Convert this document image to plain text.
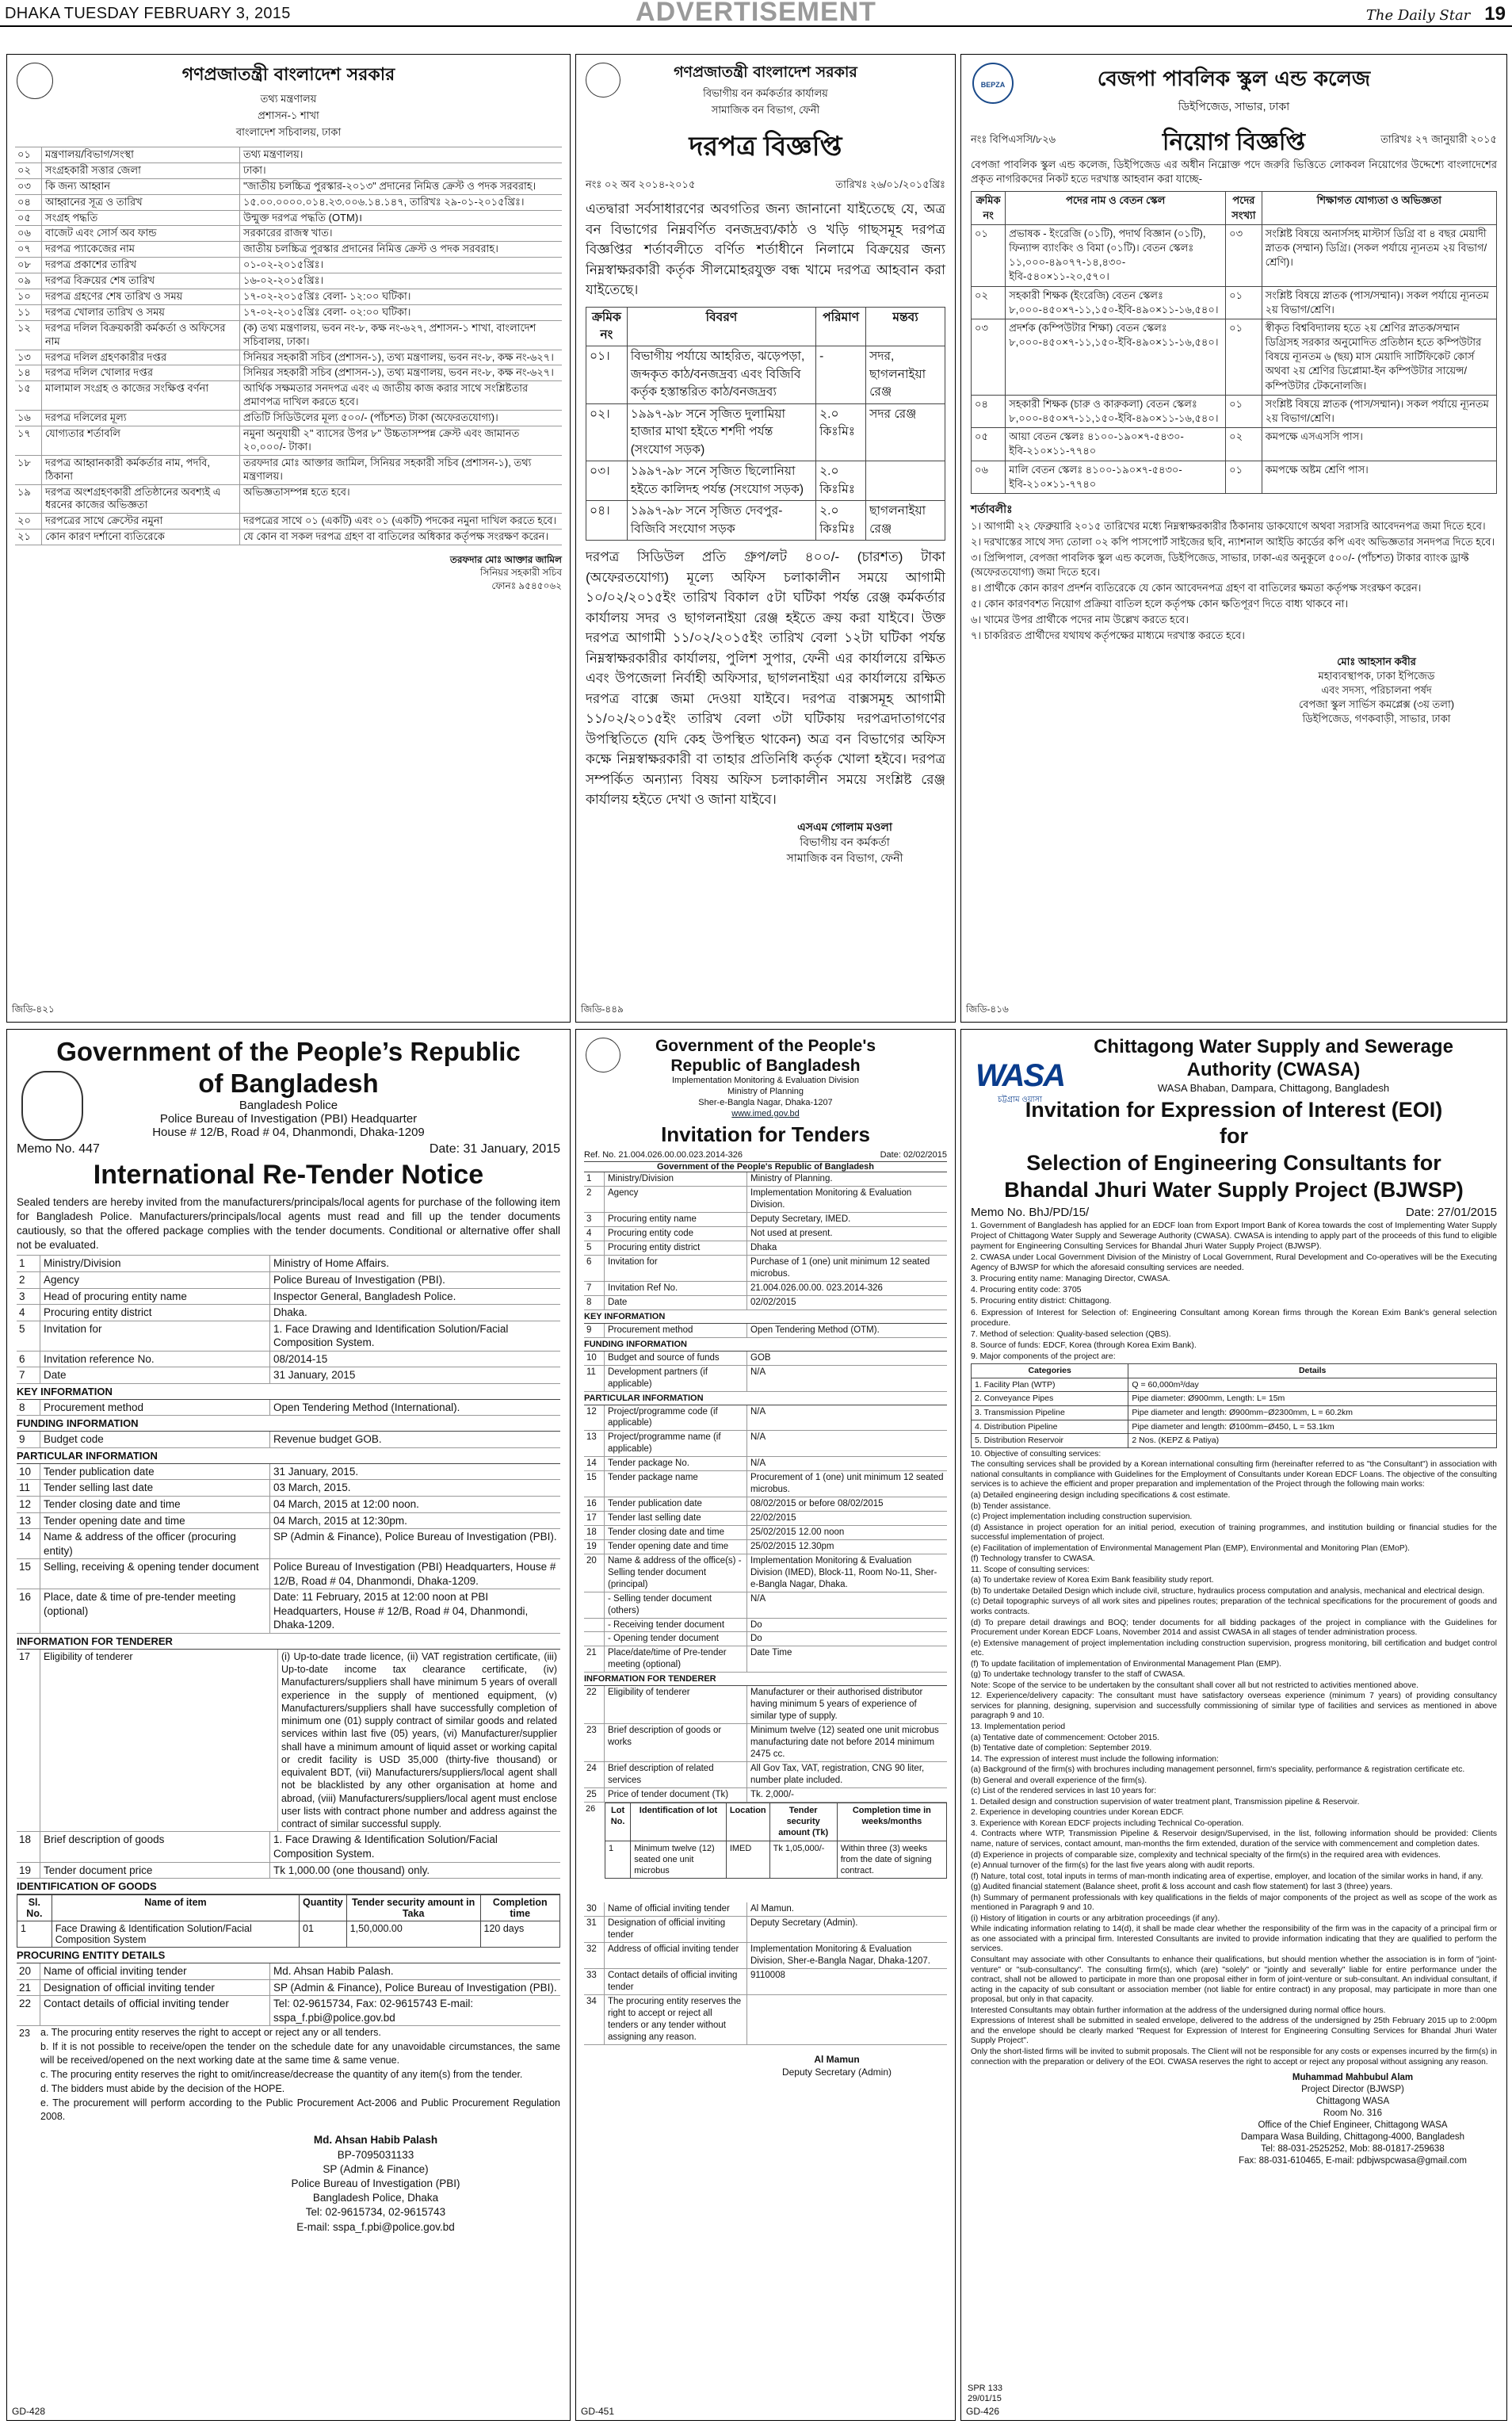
DHAKA TUESDAY FEBRUARY 3, 2015	ADVERTISEMENT	The Daily Star 19
গণপ্রজাতন্ত্রী বাংলাদেশ সরকার
তথ্য মন্ত্রণালয়
প্রশাসন-১ শাখা
বাংলাদেশ সচিবালয়, ঢাকা
০১	মন্ত্রণালয়/বিভাগ/সংস্থা	তথ্য মন্ত্রণালয়।
০২	সংগ্রহকারী সত্তার জেলা	ঢাকা।
০৩	কি জন্য আহ্বান	"জাতীয় চলচ্চিত্র পুরস্কার-২০১৩" প্রদানের নিমিত্ত ক্রেস্ট ও পদক সরবরাহ।
০৪	আহ্বানের সূত্র ও তারিখ	১৫.০০.০০০০.০১৪.২৩.০০৬.১৪.১৪৭, তারিখঃ ২৯-০১-২০১৫খ্রিঃ।
০৫	সংগ্রহ পদ্ধতি	উন্মুক্ত দরপত্র পদ্ধতি (OTM)।
০৬	বাজেট এবং সোর্স অব ফান্ড	সরকারের রাজস্ব খাত।
০৭	দরপত্র প্যাকেজের নাম	জাতীয় চলচ্চিত্র পুরস্কার প্রদানের নিমিত্ত ক্রেস্ট ও পদক সরবরাহ।
০৮	দরপত্র প্রকাশের তারিখ	০১-০২-২০১৫খ্রিঃ।
০৯	দরপত্র বিক্রয়ের শেষ তারিখ	১৬-০২-২০১৫খ্রিঃ।
১০	দরপত্র গ্রহণের শেষ তারিখ ও সময়	১৭-০২-২০১৫খ্রিঃ বেলা- ১২:০০ ঘটিকা।
১১	দরপত্র খোলার তারিখ ও সময়	১৭-০২-২০১৫খ্রিঃ বেলা- ০২:০০ ঘটিকা।
১২	দরপত্র দলিল বিক্রয়কারী কর্মকর্তা ও অফিসের নাম
(ক) তথ্য মন্ত্রণালয়, ভবন নং-৮, কক্ষ নং-৬২৭, প্রশাসন-১ শাখা, বাংলাদেশ সচিবালয়, ঢাকা।
১৩	দরপত্র দলিল গ্রহণকারীর দপ্তর	সিনিয়র সহকারী সচিব (প্রশাসন-১), তথ্য মন্ত্রণালয়, ভবন নং-৮, কক্ষ নং-৬২৭।
১৪	দরপত্র দলিল খোলার দপ্তর	সিনিয়র সহকারী সচিব (প্রশাসন-১), তথ্য মন্ত্রণালয়, ভবন নং-৮, কক্ষ নং-৬২৭।
১৫	মালামাল সংগ্রহ ও কাজের সংক্ষিপ্ত বর্ণনা	আর্থিক সক্ষমতার সনদপত্র এবং এ জাতীয় কাজ করার সাথে সংশ্লিষ্টতার প্রমাণপত্র দাখিল করতে হবে।
১৬	দরপত্র দলিলের মূল্য	প্রতিটি সিডিউলের মূল্য ৫০০/- (পাঁচশত) টাকা (অফেরতযোগ্য)।
১৭	যোগ্যতার শর্তাবলি	নমুনা অনুযায়ী ২" ব্যাসের উপর ৮" উচ্চতাসম্পন্ন ক্রেস্ট এবং জামানত ২০,০০০/- টাকা।
১৮	দরপত্র আহ্বানকারী কর্মকর্তার নাম, পদবি, ঠিকানা
তরফদার মোঃ আক্তার জামিল, সিনিয়র সহকারী সচিব (প্রশাসন-১), তথ্য মন্ত্রণালয়।
১৯	দরপত্র অংশগ্রহণকারী প্রতিষ্ঠানের অবশ্যই এ ধরনের কাজের অভিজ্ঞতা
অভিজ্ঞতাসম্পন্ন হতে হবে।
২০	দরপত্রের সাথে ক্রেস্টের নমুনা	দরপত্রের সাথে ০১ (একটি) এবং ০১ (একটি) পদকের নমুনা দাখিল করতে হবে।
২১	কোন কারণ দর্শানো ব্যতিরেকে	যে কোন বা সকল দরপত্র গ্রহণ বা বাতিলের অধিকার কর্তৃপক্ষ সংরক্ষণ করেন।
তরফদার মোঃ আক্তার জামিল
সিনিয়র সহকারী সচিব
ফোনঃ ৯৫৪৫০৬২
জিডি-৪২১
গণপ্রজাতন্ত্রী বাংলাদেশ সরকার
বিভাগীয় বন কর্মকর্তার কার্যালয়
সামাজিক বন বিভাগ, ফেনী
দরপত্র বিজ্ঞপ্তি
নংঃ ০২ অব ২০১৪-২০১৫	তারিখঃ ২৬/০১/২০১৫খ্রিঃ
এতদ্বারা সর্বসাধারণের অবগতির জন্য জানানো যাইতেছে যে, অত্র বন বিভাগের নিম্নবর্ণিত বনজদ্রব্য/কাঠ ও খড়ি গাছসমূহ দরপত্র বিজ্ঞপ্তির শর্তাবলীতে বর্ণিত শর্তাধীনে নিলামে বিক্রয়ের জন্য নিম্নস্বাক্ষরকারী কর্তৃক সীলমোহরযুক্ত বন্ধ খামে দরপত্র আহবান করা যাইতেছে।
ক্রমিক নং	বিবরণ	পরিমাণ	মন্তব্য
০১।	বিভাগীয় পর্যায়ে আহরিত, ঝড়েপড়া, জব্দকৃত কাঠ/বনজদ্রব্য এবং বিজিবি কর্তৃক হস্তান্তরিত কাঠ/বনজদ্রব্য	-	সদর, ছাগলনাইয়া রেঞ্জ
০২।	১৯৯৭-৯৮ সনে সৃজিত দুলামিয়া হাজার মাথা হইতে শর্শদী পর্যন্ত (সংযোগ সড়ক)	২.০ কিঃমিঃ	সদর রেঞ্জ
০৩।	১৯৯৭-৯৮ সনে সৃজিত ছিলোনিয়া হইতে কালিদহ পর্যন্ত (সংযোগ সড়ক)	২.০ কিঃমিঃ	
০৪।	১৯৯৭-৯৮ সনে সৃজিত দেবপুর-বিজিবি সংযোগ সড়ক	২.০ কিঃমিঃ	ছাগলনাইয়া রেঞ্জ
দরপত্র সিডিউল প্রতি গ্রুপ/লট ৪০০/- (চারশত) টাকা (অফেরতযোগ্য) মূল্যে অফিস চলাকালীন সময়ে আগামী ১০/০২/২০১৫ইং তারিখ বিকাল ৫টা ঘটিকা পর্যন্ত রেঞ্জ কর্মকর্তার কার্যালয় সদর ও ছাগলনাইয়া রেঞ্জ হইতে ক্রয় করা যাইবে। উক্ত দরপত্র আগামী ১১/০২/২০১৫ইং তারিখ বেলা ১২টা ঘটিকা পর্যন্ত নিম্নস্বাক্ষরকারীর কার্যালয়, পুলিশ সুপার, ফেনী এর কার্যালয়ে রক্ষিত এবং উপজেলা নির্বাহী অফিসার, ছাগলনাইয়া এর কার্যালয়ে রক্ষিত দরপত্র বাক্সে জমা দেওয়া যাইবে। দরপত্র বাক্সসমূহ আগামী ১১/০২/২০১৫ইং তারিখ বেলা ৩টা ঘটিকায় দরপত্রদাতাগণের উপস্থিতিতে (যদি কেহ উপস্থিত থাকেন) অত্র বন বিভাগের অফিস কক্ষে নিম্নস্বাক্ষরকারী বা তাহার প্রতিনিধি কর্তৃক খোলা হইবে। দরপত্র সম্পর্কিত অন্যান্য বিষয় অফিস চলাকালীন সময়ে সংশ্লিষ্ট রেঞ্জ কার্যালয় হইতে দেখা ও জানা যাইবে।
এসএম গোলাম মওলা
বিভাগীয় বন কর্মকর্তা
সামাজিক বন বিভাগ, ফেনী
জিডি-৪৪৯
BEPZA	বেজপা পাবলিক স্কুল এন্ড কলেজ
ডিইপিজেড, সাভার, ঢাকা
নংঃ বিপিএসসি/৮২৬	নিয়োগ বিজ্ঞপ্তি	তারিখঃ ২৭ জানুয়ারী ২০১৫
বেপজা পাবলিক স্কুল এন্ড কলেজ, ডিইপিজেড এর অধীন নিম্নোক্ত পদে জরুরি ভিত্তিতে লোকবল নিয়োগের উদ্দেশ্যে বাংলাদেশের প্রকৃত নাগরিকদের নিকট হতে দরখাস্ত আহবান করা যাচ্ছে-
ক্রমিক নং	পদের নাম ও বেতন স্কেল	পদের সংখ্যা	শিক্ষাগত যোগ্যতা ও অভিজ্ঞতা
০১	প্রভাষক - ইংরেজি (০১টি), পদার্থ বিজ্ঞান (০১টি), ফিন্যান্স ব্যাংকিং ও বিমা (০১টি)। বেতন স্কেলঃ ১১,০০০-৪৯০৭৭-১৪,৪৩০-ইবি-৫৪০×১১-২০,৫৭০।	০৩	সংশ্লিষ্ট বিষয়ে অনার্সসহ মাস্টার্স ডিগ্রি বা ৪ বছর মেয়াদী স্নাতক (সম্মান) ডিগ্রি। (সকল পর্যায়ে ন্যূনতম ২য় বিভাগ/শ্রেণি)।
০২	সহকারী শিক্ষক (ইংরেজি) বেতন স্কেলঃ ৮,০০০-৪৫০×৭-১১,১৫০-ইবি-৪৯০×১১-১৬,৫৪০।	০১	সংশ্লিষ্ট বিষয়ে স্নাতক (পাস/সম্মান)। সকল পর্যায়ে ন্যূনতম ২য় বিভাগ/শ্রেণি।
০৩	প্রদর্শক (কম্পিউটার শিক্ষা) বেতন স্কেলঃ ৮,০০০-৪৫০×৭-১১,১৫০-ইবি-৪৯০×১১-১৬,৫৪০।	০১	স্বীকৃত বিশ্ববিদ্যালয় হতে ২য় শ্রেণির স্নাতক/সম্মান ডিগ্রিসহ সরকার অনুমোদিত প্রতিষ্ঠান হতে কম্পিউটার বিষয়ে ন্যূনতম ৬ (ছয়) মাস মেয়াদি সার্টিফিকেট কোর্স অথবা ২য় শ্রেণির ডিপ্লোমা-ইন কম্পিউটার সায়েন্স/কম্পিউটার টেকনোলজি।
০৪	সহকারী শিক্ষক (চারু ও কারুকলা) বেতন স্কেলঃ ৮,০০০-৪৫০×৭-১১,১৫০-ইবি-৪৯০×১১-১৬,৫৪০।	০১	সংশ্লিষ্ট বিষয়ে স্নাতক (পাস/সম্মান)। সকল পর্যায়ে ন্যূনতম ২য় বিভাগ/শ্রেণি।
০৫	আয়া বেতন স্কেলঃ ৪১০০-১৯০×৭-৫৪৩০-ইবি-২১০×১১-৭৭৪০	০২	কমপক্ষে এসএসসি পাস।
০৬	মালি বেতন স্কেলঃ ৪১০০-১৯০×৭-৫৪৩০-ইবি-২১০×১১-৭৭৪০	০১	কমপক্ষে অষ্টম শ্রেণি পাস।
শর্তাবলীঃ
১। আগামী ২২ ফেব্রুয়ারি ২০১৫ তারিখের মধ্যে নিম্নস্বাক্ষরকারীর ঠিকানায় ডাকযোগে অথবা সরাসরি আবেদনপত্র জমা দিতে হবে।
২। দরখাস্তের সাথে সদ্য তোলা ০২ কপি পাসপোর্ট সাইজের ছবি, ন্যাশনাল আইডি কার্ডের কপি এবং অভিজ্ঞতার সনদপত্র দিতে হবে।
৩। প্রিন্সিপাল, বেপজা পাবলিক স্কুল এন্ড কলেজ, ডিইপিজেড, সাভার, ঢাকা-এর অনুকূলে ৫০০/- (পাঁচশত) টাকার ব্যাংক ড্রাফ্ট (অফেরতযোগ্য) জমা দিতে হবে।
৪। প্রার্থীকে কোন কারণ প্রদর্শন ব্যতিরেকে যে কোন আবেদনপত্র গ্রহণ বা বাতিলের ক্ষমতা কর্তৃপক্ষ সংরক্ষণ করেন।
৫। কোন কারণবশত নিয়োগ প্রক্রিয়া বাতিল হলে কর্তৃপক্ষ কোন ক্ষতিপূরণ দিতে বাধ্য থাকবে না।
৬। খামের উপর প্রার্থীকে পদের নাম উল্লেখ করতে হবে।
৭। চাকরিরত প্রার্থীদের যথাযথ কর্তৃপক্ষের মাধ্যমে দরখাস্ত করতে হবে।
মোঃ আহসান কবীর
মহাব্যবস্থাপক, ঢাকা ইপিজেড
এবং সদস্য, পরিচালনা পর্ষদ
বেপজা স্কুল সার্ভিস কমপ্লেক্স (৩য় তলা)
ডিইপিজেড, গণকবাড়ী, সাভার, ঢাকা
জিডি-৪১৬
Government of the People’s Republic
of Bangladesh
Bangladesh Police
Police Bureau of Investigation (PBI) Headquarter
House # 12/B, Road # 04, Dhanmondi, Dhaka-1209
Memo No. 447	Date: 31 January, 2015
International Re-Tender Notice
Sealed tenders are hereby invited from the manufacturers/principals/local agents for purchase of the following item for Bangladesh Police. Manufacturers/principals/local agents must read and fill up the tender documents cautiously, so that the offered package complies with the tender documents. Conditional or alternative offer shall not be evaluated.
1	Ministry/Division	Ministry of Home Affairs.
2	Agency	Police Bureau of Investigation (PBI).
3	Head of procuring entity name	Inspector General, Bangladesh Police.
4	Procuring entity district	Dhaka.
5	Invitation for	1. Face Drawing and Identification Solution/Facial Composition System.
6	Invitation reference No.	08/2014-15
7	Date	31 January, 2015
KEY INFORMATION
8	Procurement method	Open Tendering Method (International).
FUNDING INFORMATION
9	Budget code	Revenue budget GOB.
PARTICULAR INFORMATION
10	Tender publication date	31 January, 2015.
11	Tender selling last date	03 March, 2015.
12	Tender closing date and time	04 March, 2015 at 12:00 noon.
13	Tender opening date and time	04 March, 2015 at 12:30pm.
14	Name & address of the officer (procuring entity)
SP (Admin & Finance), Police Bureau of Investigation (PBI).
15	Selling, receiving & opening tender document	Police Bureau of Investigation (PBI) Headquarters, House # 12/B, Road # 04, Dhanmondi, Dhaka-1209.
16	Place, date & time of pre-tender meeting (optional)
Date: 11 February, 2015 at 12:00 noon at PBI Headquarters, House # 12/B, Road # 04, Dhanmondi, Dhaka-1209.
INFORMATION FOR TENDERER
17	Eligibility of tenderer	(i) Up-to-date trade licence, (ii) VAT registration certificate, (iii) Up-to-date income tax clearance certificate, (iv) Manufacturers/suppliers shall have minimum 5 years of overall experience in the supply of mentioned equipment, (v) Manufacturers/suppliers shall have successfully completion of minimum one (01) supply contract of similar goods and related services within last five (05) years, (vi) Manufacturer/supplier shall have a minimum amount of liquid asset or working capital or credit facility is USD 35,000 (thirty-five thousand) or equivalent BDT, (vii) Manufacturers/suppliers/local agent shall not be blacklisted by any other organisation at home and abroad, (viii) Manufacturers/suppliers/local agent must enclose user lists with contract phone number and address against the contract of similar successful supply.
18	Brief description of goods	1. Face Drawing & Identification Solution/Facial Composition System.
19	Tender document price	Tk 1,000.00 (one thousand) only.
IDENTIFICATION OF GOODS
Sl. No.	Name of item	Quantity	Tender security amount in Taka	Completion time
1	Face Drawing & Identification Solution/Facial Composition System	01	1,50,000.00	120 days
PROCURING ENTITY DETAILS
20	Name of official inviting tender	Md. Ahsan Habib Palash.
21	Designation of official inviting tender	SP (Admin & Finance), Police Bureau of Investigation (PBI).
22	Contact details of official inviting tender	Tel: 02-9615734, Fax: 02-9615743 E-mail: sspa_f.pbi@police.gov.bd
23	a. The procuring entity reserves the right to accept or reject any or all tenders.
b. If it is not possible to receive/open the tender on the schedule date for any unavoidable circumstances, the same will be received/opened on the next working date at the same time & same venue.
c. The procuring entity reserves the right to omit/increase/decrease the quantity of any item(s) from the tender.
d. The bidders must abide by the decision of the HOPE.
e. The procurement will perform according to the Public Procurement Act-2006 and Public Procurement Regulation 2008.
Md. Ahsan Habib Palash
BP-7095031133
SP (Admin & Finance)
Police Bureau of Investigation (PBI)
Bangladesh Police, Dhaka
Tel: 02-9615734, 02-9615743
E-mail: sspa_f.pbi@police.gov.bd
GD-428
Government of the People's
Republic of Bangladesh
Implementation Monitoring & Evaluation Division
Ministry of Planning
Sher-e-Bangla Nagar, Dhaka-1207
www.imed.gov.bd
Invitation for Tenders
Ref. No. 21.004.026.00.00.023.2014-326	Date: 02/02/2015
Government of the People's Republic of Bangladesh
1	Ministry/Division	Ministry of Planning.
2	Agency	Implementation Monitoring & Evaluation Division.
3	Procuring entity name	Deputy Secretary, IMED.
4	Procuring entity code	Not used at present.
5	Procuring entity district	Dhaka
6	Invitation for	Purchase of 1 (one) unit minimum 12 seated microbus.
7	Invitation Ref No.	21.004.026.00.00. 023.2014-326
8	Date	02/02/2015
KEY INFORMATION
9	Procurement method	Open Tendering Method (OTM).
FUNDING INFORMATION
10	Budget and source of funds	GOB
11	Development partners (if applicable)
N/A
PARTICULAR INFORMATION
12	Project/programme code (if applicable)
N/A
13	Project/programme name (if applicable)
N/A
14	Tender package No.	N/A
15	Tender package name	Procurement of 1 (one) unit minimum 12 seated microbus.
16	Tender publication date	08/02/2015 or before 08/02/2015
17	Tender last selling date	22/02/2015
18	Tender closing date and time	25/02/2015 12.00 noon
19	Tender opening date and time	25/02/2015 12.30pm
20	Name & address of the office(s) - Selling tender document (principal)
Implementation Monitoring & Evaluation Division (IMED), Block-11, Room No-11, Sher-e-Bangla Nagar, Dhaka.
- Selling tender document (others)
N/A
- Receiving tender document	Do
- Opening tender document	Do
21	Place/date/time of Pre-tender meeting (optional)
Date Time
INFORMATION FOR TENDERER
22	Eligibility of tenderer	Manufacturer or their authorised distributor having minimum 5 years of experience of similar type of supply.
23	Brief description of goods or works
Minimum twelve (12) seated one unit microbus manufacturing date not before 2014 minimum 2475 cc.
24	Brief description of related services
All Gov Tax, VAT, registration, CNG 90 liter, number plate included.
25	Price of tender document (Tk)	Tk. 2,000/-
26	Lot No.	Identification of lot	Location	Tender security amount (Tk)	Completion time in weeks/months
1	Minimum twelve (12) seated one unit microbus	IMED	Tk 1,05,000/-	Within three (3) weeks from the date of signing contract.
30	Name of official inviting tender	Al Mamun.
31	Designation of official inviting tender
Deputy Secretary (Admin).
32	Address of official inviting tender	Implementation Monitoring & Evaluation Division, Sher-e-Bangla Nagar, Dhaka-1207.
33	Contact details of official inviting tender
9110008
34	The procuring entity reserves the right to accept or reject all tenders or any tender without assigning any reason.
Al Mamun
Deputy Secretary (Admin)
GD-451
WASA
চট্টগ্রাম ওয়াসা
Chittagong Water Supply and Sewerage
Authority (CWASA)
WASA Bhaban, Dampara, Chittagong, Bangladesh
Invitation for Expression of Interest (EOI)
for
Selection of Engineering Consultants for
Bhandal Jhuri Water Supply Project (BJWSP)
Memo No. BhJ/PD/15/	Date: 27/01/2015
1. Government of Bangladesh has applied for an EDCF loan from Export Import Bank of Korea towards the cost of Implementing Water Supply Project of Chittagong Water Supply and Sewerage Authority (CWASA). CWASA is intending to apply part of the proceeds of this fund to eligible payment for Engineering Consulting Services for Bhandal Jhuri Water Supply Project (BJWSP).
2. CWASA under Local Government Division of the Ministry of Local Government, Rural Development and Co-operatives will be the Executing Agency of BJWSP for which the aforesaid consulting services are needed.
3. Procuring entity name: Managing Director, CWASA.
4. Procuring entity code: 3705
5. Procuring entity district: Chittagong.
6. Expression of Interest for Selection of: Engineering Consultant among Korean firms through the Korean Exim Bank's general selection procedure.
7. Method of selection: Quality-based selection (QBS).
8. Source of funds: EDCF, Korea (through Korea Exim Bank).
9. Major components of the project are:
Categories	Details
1. Facility Plan (WTP)	Q = 60,000m³/day
2. Conveyance Pipes	Pipe diameter: Ø900mm, Length: L= 15m
3. Transmission Pipeline	Pipe diameter and length: Ø900mm~Ø2300mm, L = 60.2km
4. Distribution Pipeline	Pipe diameter and length: Ø100mm~Ø450, L = 53.1km
5. Distribution Reservoir	2 Nos. (KEPZ & Patiya)
10. Objective of consulting services:
The consulting services shall be provided by a Korean international consulting firm (hereinafter referred to as "the Consultant") in association with national consultants in compliance with Guidelines for the Employment of Consultants under Korean EDCF Loans. The objective of the consulting services is to achieve the efficient and proper preparation and implementation of the Project through the following main works:
(a) Detailed engineering design including specifications & cost estimate.
(b) Tender assistance.
(c) Project implementation including construction supervision.
(d) Assistance in project operation for an initial period, execution of training programmes, and institution building or financial studies for the successful implementation of project.
(e) Facilitation of implementation of Environmental Management Plan (EMP), Environmental and Monitoring Plan (EMoP).
(f) Technology transfer to CWASA.
11. Scope of consulting services:
(a) To undertake review of Korea Exim Bank feasibility study report.
(b) To undertake Detailed Design which include civil, structure, hydraulics process computation and analysis, mechanical and electrical design.
(c) Detail topographic surveys of all work sites and pipelines routes; preparation of the technical specifications for the procurement of goods and works contracts.
(d) To prepare detail drawings and BOQ; tender documents for all bidding packages of the project in compliance with the Guidelines for Procurement under Korean EDCF Loans, November 2014 and assist CWASA in all stages of tender administration process.
(e) Extensive management of project implementation including construction supervision, progress monitoring, bill certification and budget control etc.
(f) To update facilitation of implementation of Environmental Management Plan (EMP).
(g) To undertake technology transfer to the staff of CWASA.
Note: Scope of the service to be undertaken by the consultant shall cover all but not restricted to activities mentioned above.
12. Experience/delivery capacity: The consultant must have satisfactory overseas experience (minimum 7 years) of providing consultancy services for planning, designing, supervision and successfully commissioning of similar type of facilities and services as mentioned in above paragraph 9 and 10.
13. Implementation period
(a) Tentative date of commencement: October 2015.
(b) Tentative date of completion: September 2019.
14. The expression of interest must include the following information:
(a) Background of the firm(s) with brochures including management personnel, firm's speciality, performance & registration certificate etc.
(b) General and overall experience of the firm(s).
(c) List of the rendered services in last 10 years for:
1. Detailed design and construction supervision of water treatment plant, Transmission pipeline & Reservoir.
2. Experience in developing countries under Korean EDCF.
3. Experience with Korean EDCF projects including Technical Co-operation.
4. Contracts where WTP, Transmission Pipeline & Reservoir design/Supervised, in the list, following information should be provided: Clients name, nature of services, contact amount, man-months the firm extended, duration of the service with commencement and completion dates.
(d) Experience in projects of comparable size, complexity and technical specialty of the firm(s) in the required area with evidences.
(e) Annual turnover of the firm(s) for the last five years along with audit reports.
(f) Nature, total cost, total inputs in terms of man-month indicating area of expertise, employer, and location of the similar works in hand, if any.
(g) Audited financial statement (Balance sheet, profit & loss account and cash flow statement) for last 3 (three) years.
(h) Summary of permanent professionals with key qualifications in the fields of major components of the project as well as scope of the work as mentioned in Paragraph 9 and 10.
(i) History of litigation in courts or any arbitration proceedings (if any).
While indicating information relating to 14(d), it shall be made clear whether the responsibility of the firm was in the capacity of a principal firm or as one associated with a principal firm. Interested Consultants are invited to provide information indicating that they are qualified to perform the services.
Consultant may associate with other Consultants to enhance their qualifications, but should mention whether the association is in form of "joint-venture" or "sub-consultancy". The consulting firm(s), which (are) "solely" or "jointly and severally" liable for entire performance under the contract, shall not be allowed to participate in more than one proposal either in form of joint-venture or sub-consultant. An individual consultant, if acting in the capacity of sub consultant or association member (not liable for entire contract) in any proposal, may participate in more than one proposal, but only in that capacity.
Interested Consultants may obtain further information at the address of the undersigned during normal office hours.
Expressions of Interest shall be submitted in sealed envelope, delivered to the address of the undersigned by 25th February 2015 up to 2:00pm and the envelope should be clearly marked "Request for Expression of Interest for Engineering Consulting Services for Bhandal Jhuri Water Supply Project".
Only the short-listed firms will be invited to submit proposals. The Client will not be responsible for any costs or expenses incurred by the firm(s) in connection with the preparation or delivery of the EOI. CWASA reserves the right to accept or reject any proposal without assigning any reason.
Muhammad Mahbubul Alam
Project Director (BJWSP)
Chittagong WASA
Room No. 316
Office of the Chief Engineer, Chittagong WASA
Dampara Wasa Building, Chittagong-4000, Bangladesh
Tel: 88-031-2525252, Mob: 88-01817-259638
Fax: 88-031-610465, E-mail: pdbjwspcwasa@gmail.com
SPR 133
29/01/15
GD-426
